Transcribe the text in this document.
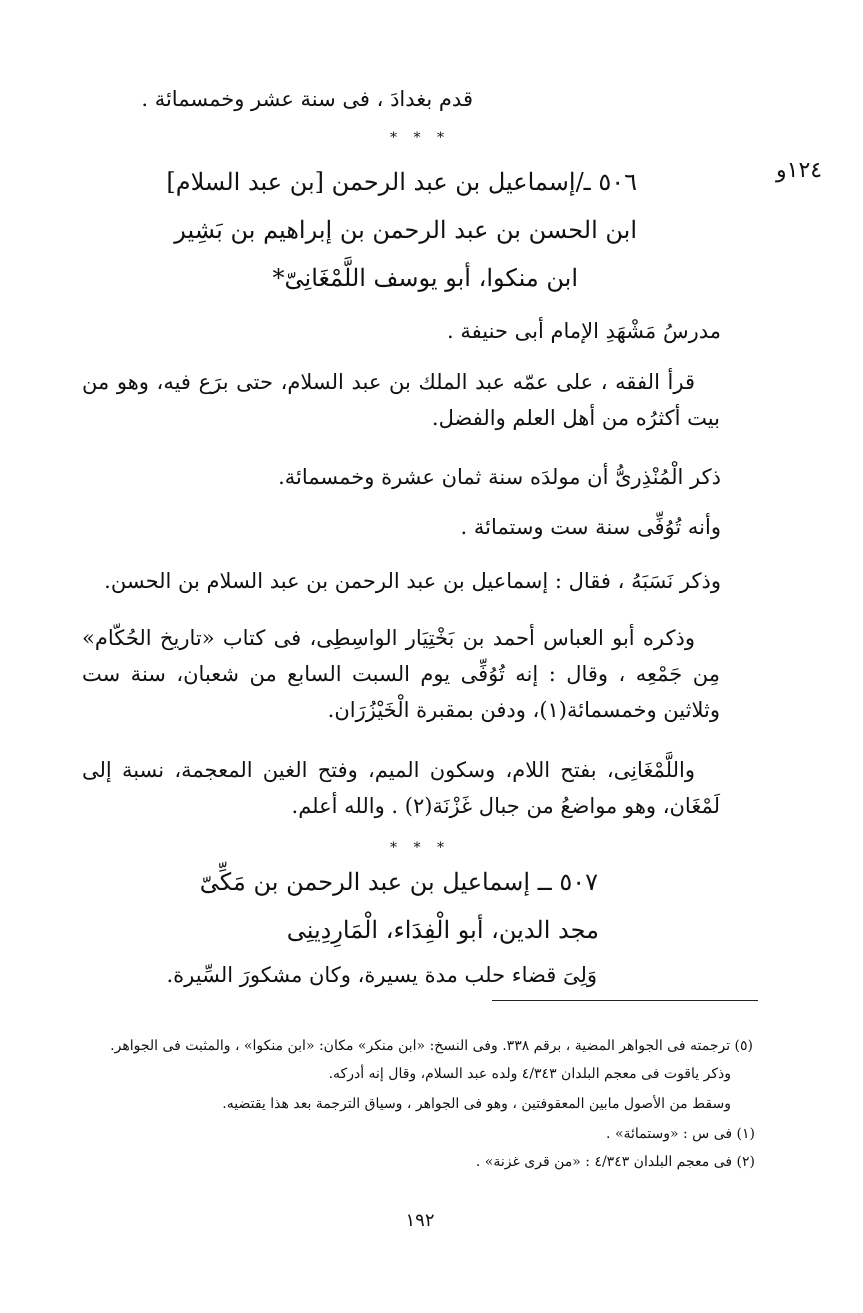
قدم بغدادَ ، فى سنة عشر وخمسمائة .
* * *
١٢٤و
٥٠٦ ـ/إسماعيل بن عبد الرحمن [بن عبد السلام]
ابن الحسن بن عبد الرحمن بن إبراهيم بن بَشِير
ابن منكوا، أبو يوسف اللَّمْغَانِىّ*
مدرسُ مَشْهَدِ الإمام أبى حنيفة .
قرأ الفقه ، على عمّه عبد الملك بن عبد السلام، حتى برَع فيه، وهو من بيت أكثرُه من أهل العلم والفضل.
ذكر الْمُنْذِرىُّ أن مولدَه سنة ثمان عشرة وخمسمائة.
وأنه تُوُفِّى سنة ست وستمائة .
وذكر نَسَبَهُ ، فقال : إسماعيل بن عبد الرحمن بن عبد السلام بن الحسن.
وذكره أبو العباس أحمد بن بَخْتِيَار الواسِطِى، فى كتاب «تاريخ الحُكّام» مِن جَمْعِه ، وقال : إنه تُوُفِّى يوم السبت السابع من شعبان، سنة ست وثلاثين وخمسمائة(١)، ودفن بمقبرة الْخَيْزُرَان.
واللَّمْغَانِى، بفتح اللام، وسكون الميم، وفتح الغين المعجمة، نسبة إلى لَمْغَان، وهو مواضعُ من جبال غَزْنَة(٢) . والله أعلم.
* * *
٥٠٧ ــ إسماعيل بن عبد الرحمن بن مَكِّىّ
مجد الدين، أبو الْفِدَاء، الْمَارِدِينِى
وَلِىَ قضاء حلب مدة يسيرة، وكان مشكورَ السِّيرة.
(٥) ترجمته فى الجواهر المضية ، برقم ٣٣٨. وفى النسخ: «ابن منكر» مكان: «ابن منكوا» ، والمثبت فى الجواهر.
وذكر ياقوت فى معجم البلدان ٤/٣٤٣ ولده عبد السلام، وقال إنه أدركه.
وسقط من الأصول مابين المعقوفتين ، وهو فى الجواهر ، وسياق الترجمة بعد هذا يقتضيه.
(١) فى س : «وستمائة» .
(٢) فى معجم البلدان ٤/٣٤٣ : «من قرى غزنة» .
١٩٢
